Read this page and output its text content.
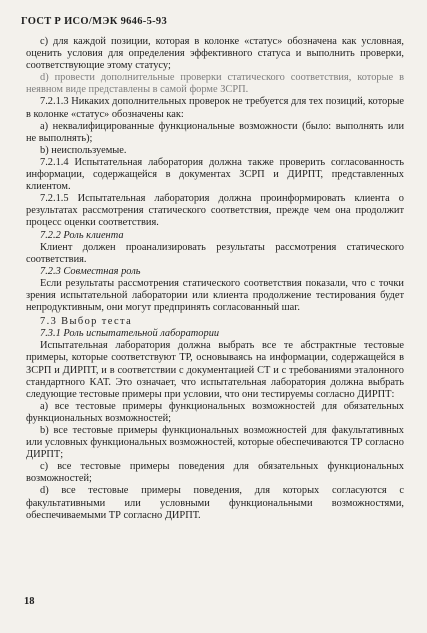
ГОСТ Р ИСО/МЭК 9646-5-93

с) для каждой позиции, которая в колонке «статус» обозначена как условная, оценить условия для определения эффективного статуса и выполнить проверки, соответствующие этому статусу;

d) провести дополнительные проверки статического соответствия, которые в неявном виде представлены в самой форме ЗСРП.

7.2.1.3 Никаких дополнительных проверок не требуется для тех позиций, которые в колонке «статус» обозначены как:

а) неквалифицированные функциональные возможности (было: выполнять или не выполнять);

b) неиспользуемые.

7.2.1.4 Испытательная лаборатория должна также проверить согласованность информации, содержащейся в документах ЗСРП и ДИРПТ, представленных клиентом.

7.2.1.5 Испытательная лаборатория должна проинформировать клиента о результатах рассмотрения статического соответствия, прежде чем она продолжит процесс оценки соответствия.

7.2.2 Роль клиента

Клиент должен проанализировать результаты рассмотрения статического соответствия.

7.2.3 Совместная роль

Если результаты рассмотрения статического соответствия показали, что с точки зрения испытательной лаборатории или клиента продолжение тестирования будет непродуктивным, они могут предпринять согласованный шаг.

7.3 Выбор теста

7.3.1 Роль испытательной лаборатории

Испытательная лаборатория должна выбрать все те абстрактные тестовые примеры, которые соответствуют ТР, основываясь на информации, содержащейся в ЗСРП и ДИРПТ, и в соответствии с документацией СТ и с требованиями эталонного стандартного КАТ. Это означает, что испытательная лаборатория должна выбрать следующие тестовые примеры при условии, что они тестируемы согласно ДИРПТ:

а) все тестовые примеры функциональных возможностей для обязательных функциональных возможностей;

b) все тестовые примеры функциональных возможностей для факультативных или условных функциональных возможностей, которые обеспечиваются ТР согласно ДИРПТ;

с) все тестовые примеры поведения для обязательных функциональных возможностей;

d) все тестовые примеры поведения, для которых согласуются с факультативными или условными функциональными возможностями, обеспечиваемыми ТР согласно ДИРПТ.

18
